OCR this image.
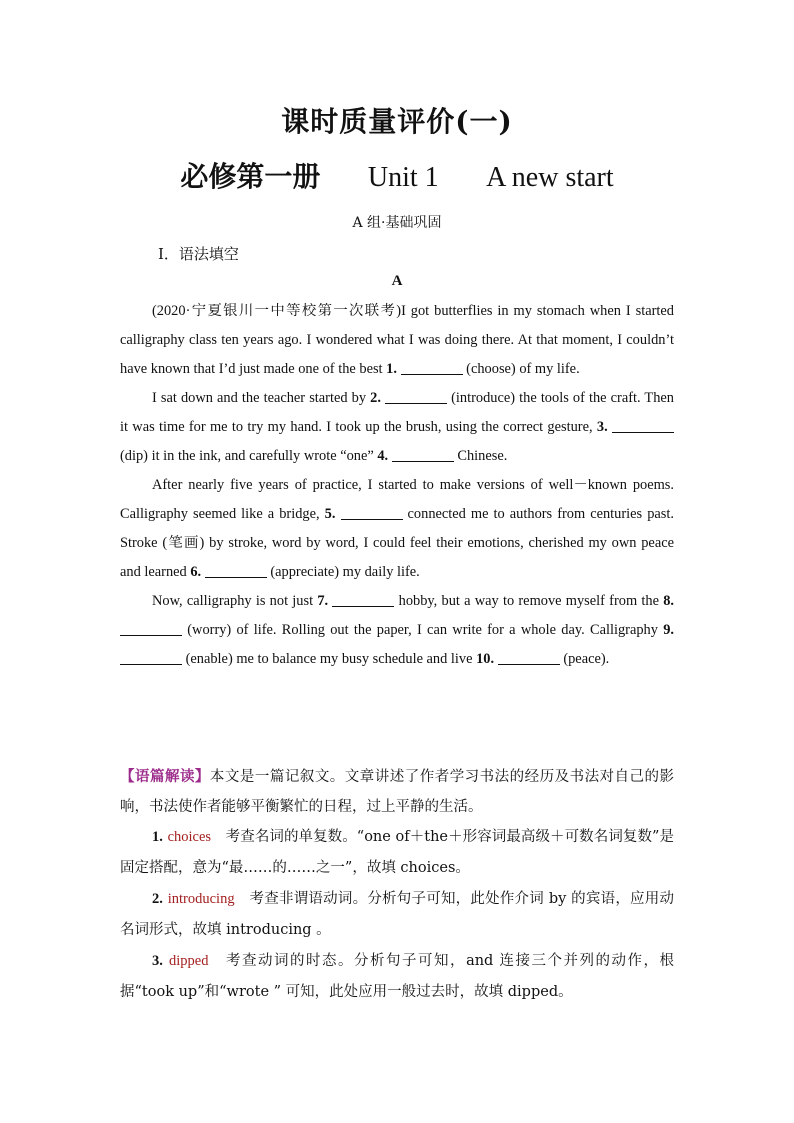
课时质量评价(一)
必修第一册 Unit 1 A new start
A 组·基础巩固
Ⅰ．语法填空
A

(2020·宁夏银川一中等校第一次联考)I got butterflies in my stomach when I started calligraphy class ten years ago. I wondered what I was doing there. At that moment, I couldn’t have known that I’d just made one of the best 1.	(choose) of my life.

I sat down and the teacher started by 2.	(introduce) the tools of the craft. Then it was time for me to try my hand. I took up the brush, using the correct gesture, 3.  (dip) it in the ink, and carefully wrote “one” 4.	Chinese.

After nearly five years of practice, I started to make versions of well－known poems. Calligraphy seemed like a bridge, 5.	connected me to authors from centuries past. Stroke (笔画) by stroke, word by word, I could feel their emotions, cherished my own peace and learned 6.	(appreciate) my daily life.

Now, calligraphy is not just 7.	hobby, but a way to remove myself from the 8.  (worry) of life. Rolling out the paper, I can write for a whole day. Calligraphy 9.  (enable) me to balance my busy schedule and live 10.	(peace).

【语篇解读】本文是一篇记叙文。文章讲述了作者学习书法的经历及书法对自己的影响，书法使作者能够平衡繁忙的日程，过上平静的生活。

1. choices　考查名词的单复数。“one of＋the＋形容词最高级＋可数名词复数”是固定搭配，意为“最……的……之一”，故填 choices。

2. introducing　考查非谓语动词。分析句子可知，此处作介词 by 的宾语，应用动名词形式，故填 introducing 。

3. dipped　考查动词的时态。分析句子可知，and 连接三个并列的动作，根据“took up”和“wrote ” 可知，此处应用一般过去时，故填 dipped。
